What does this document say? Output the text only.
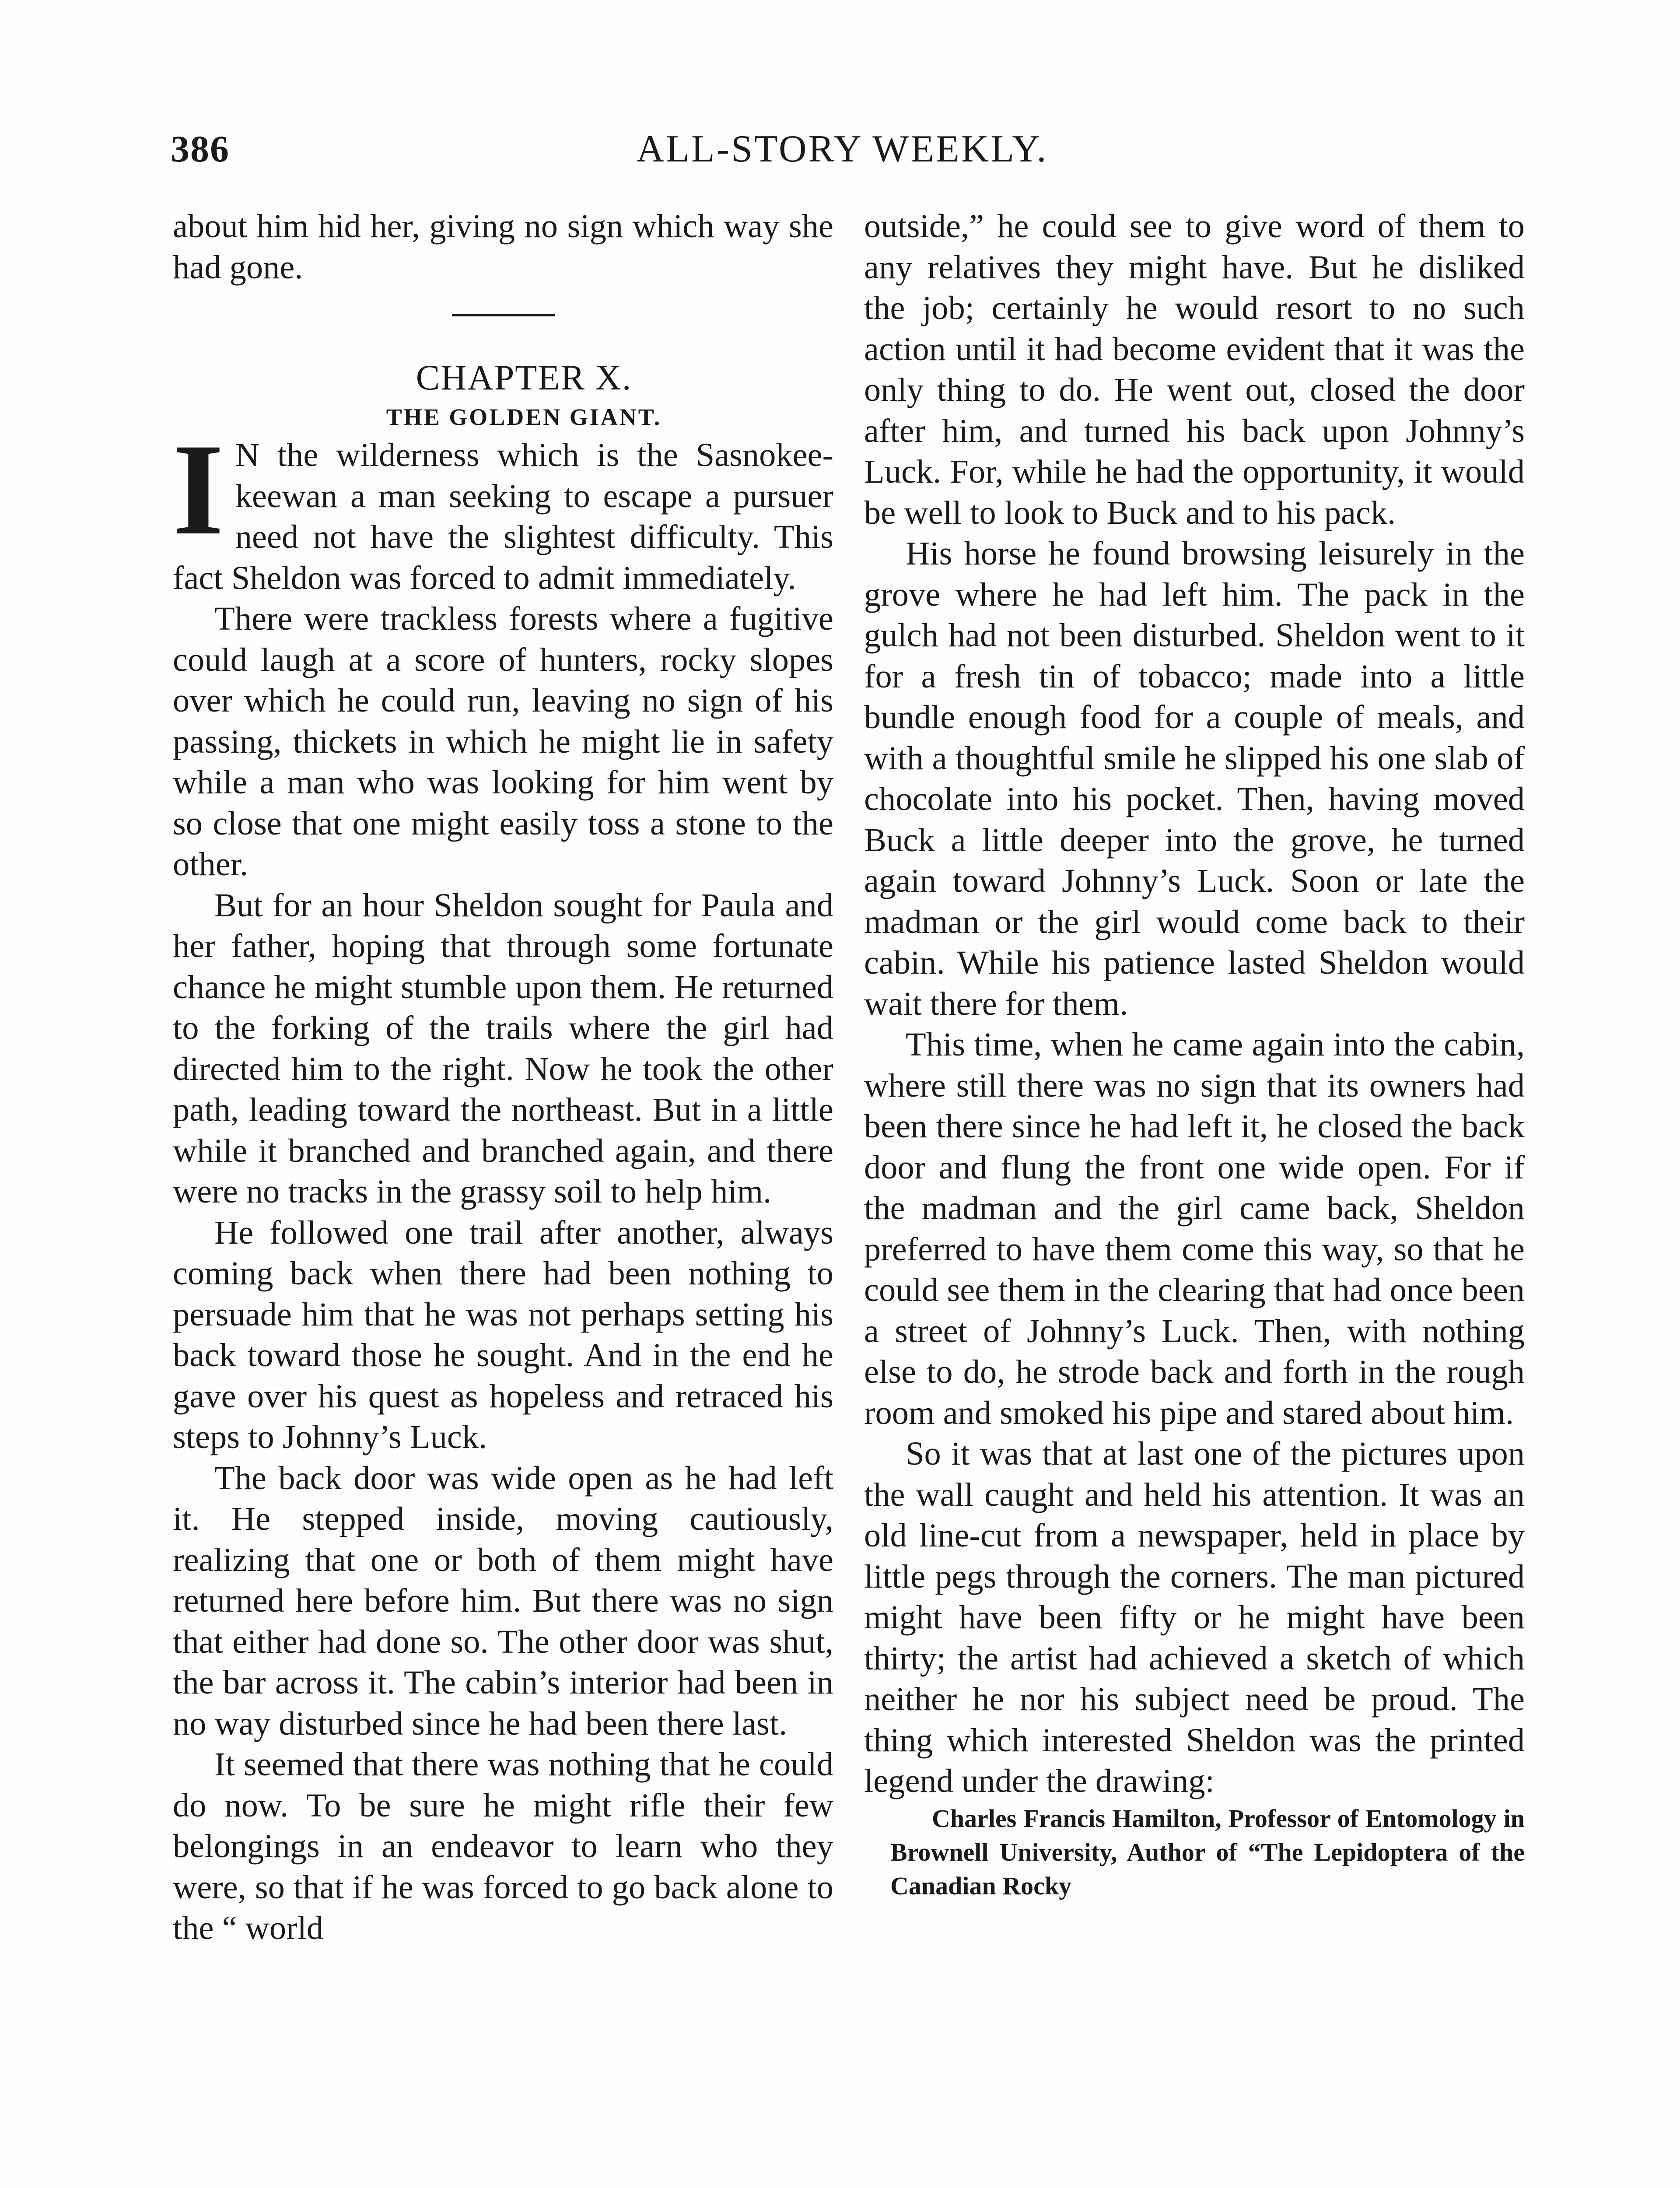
386	ALL-STORY WEEKLY.

about him hid her, giving no sign which way she had gone.

CHAPTER X.

THE GOLDEN GIANT.

I N the wilderness which is the Sasnokee-keewan a man seeking to escape a pursuer need not have the slightest difficulty. This fact Sheldon was forced to admit immediately.

There were trackless forests where a fugitive could laugh at a score of hunters, rocky slopes over which he could run, leaving no sign of his passing, thickets in which he might lie in safety while a man who was looking for him went by so close that one might easily toss a stone to the other.

But for an hour Sheldon sought for Paula and her father, hoping that through some fortunate chance he might stumble upon them. He returned to the forking of the trails where the girl had directed him to the right. Now he took the other path, leading toward the northeast. But in a little while it branched and branched again, and there were no tracks in the grassy soil to help him.

He followed one trail after another, always coming back when there had been nothing to persuade him that he was not perhaps setting his back toward those he sought. And in the end he gave over his quest as hopeless and retraced his steps to Johnny’s Luck.

The back door was wide open as he had left it. He stepped inside, moving cautiously, realizing that one or both of them might have returned here before him. But there was no sign that either had done so. The other door was shut, the bar across it. The cabin’s interior had been in no way disturbed since he had been there last.

It seemed that there was nothing that he could do now. To be sure he might rifle their few belongings in an endeavor to learn who they were, so that if he was forced to go back alone to the “ world

outside,” he could see to give word of them to any relatives they might have. But he disliked the job; certainly he would resort to no such action until it had become evident that it was the only thing to do. He went out, closed the door after him, and turned his back upon Johnny’s Luck. For, while he had the opportunity, it would be well to look to Buck and to his pack.

His horse he found browsing leisurely in the grove where he had left him. The pack in the gulch had not been disturbed. Sheldon went to it for a fresh tin of tobacco; made into a little bundle enough food for a couple of meals, and with a thoughtful smile he slipped his one slab of chocolate into his pocket. Then, having moved Buck a little deeper into the grove, he turned again toward Johnny’s Luck. Soon or late the madman or the girl would come back to their cabin. While his patience lasted Sheldon would wait there for them.

This time, when he came again into the cabin, where still there was no sign that its owners had been there since he had left it, he closed the back door and flung the front one wide open. For if the madman and the girl came back, Sheldon preferred to have them come this way, so that he could see them in the clearing that had once been a street of Johnny’s Luck. Then, with nothing else to do, he strode back and forth in the rough room and smoked his pipe and stared about him.

So it was that at last one of the pictures upon the wall caught and held his attention. It was an old line-cut from a newspaper, held in place by little pegs through the corners. The man pictured might have been fifty or he might have been thirty; the artist had achieved a sketch of which neither he nor his subject need be proud. The thing which interested Sheldon was the printed legend under the drawing:

Charles Francis Hamilton, Professor of Entomology in Brownell University, Author of “The Lepidoptera of the Canadian Rocky
